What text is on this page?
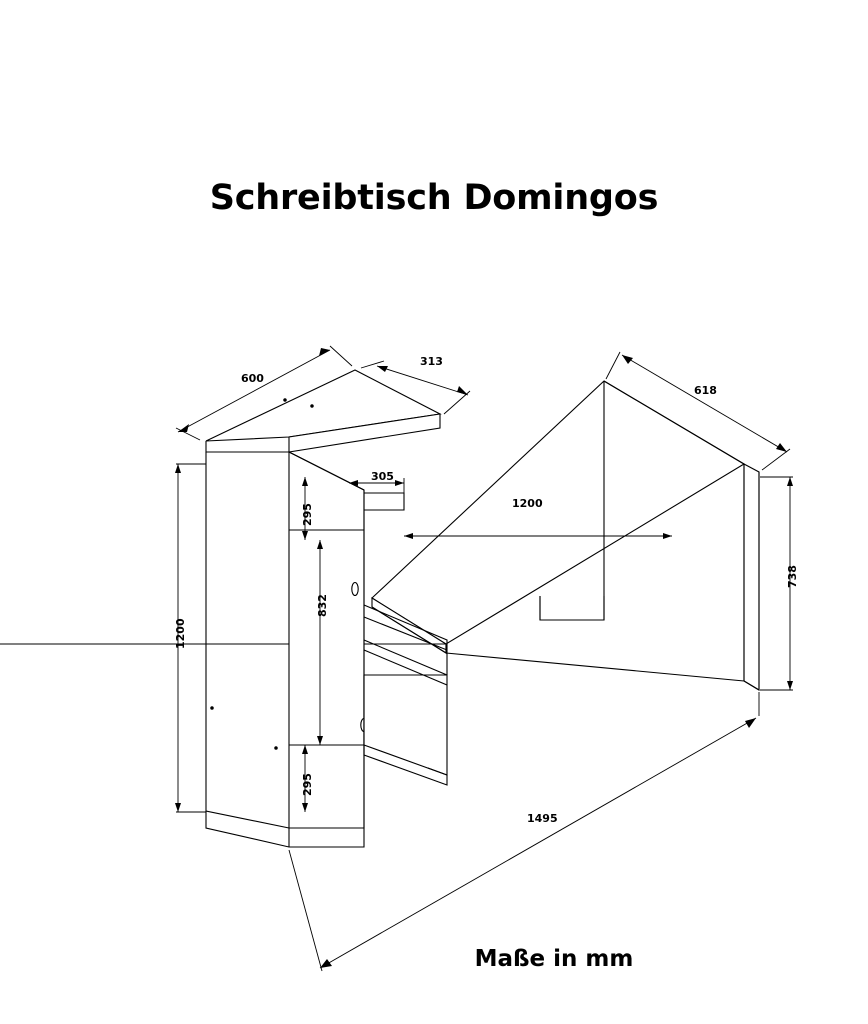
Schreibtisch Domingos
600
313
618
305
1200
295
832
295
1200
738
1495
Maße in mm
